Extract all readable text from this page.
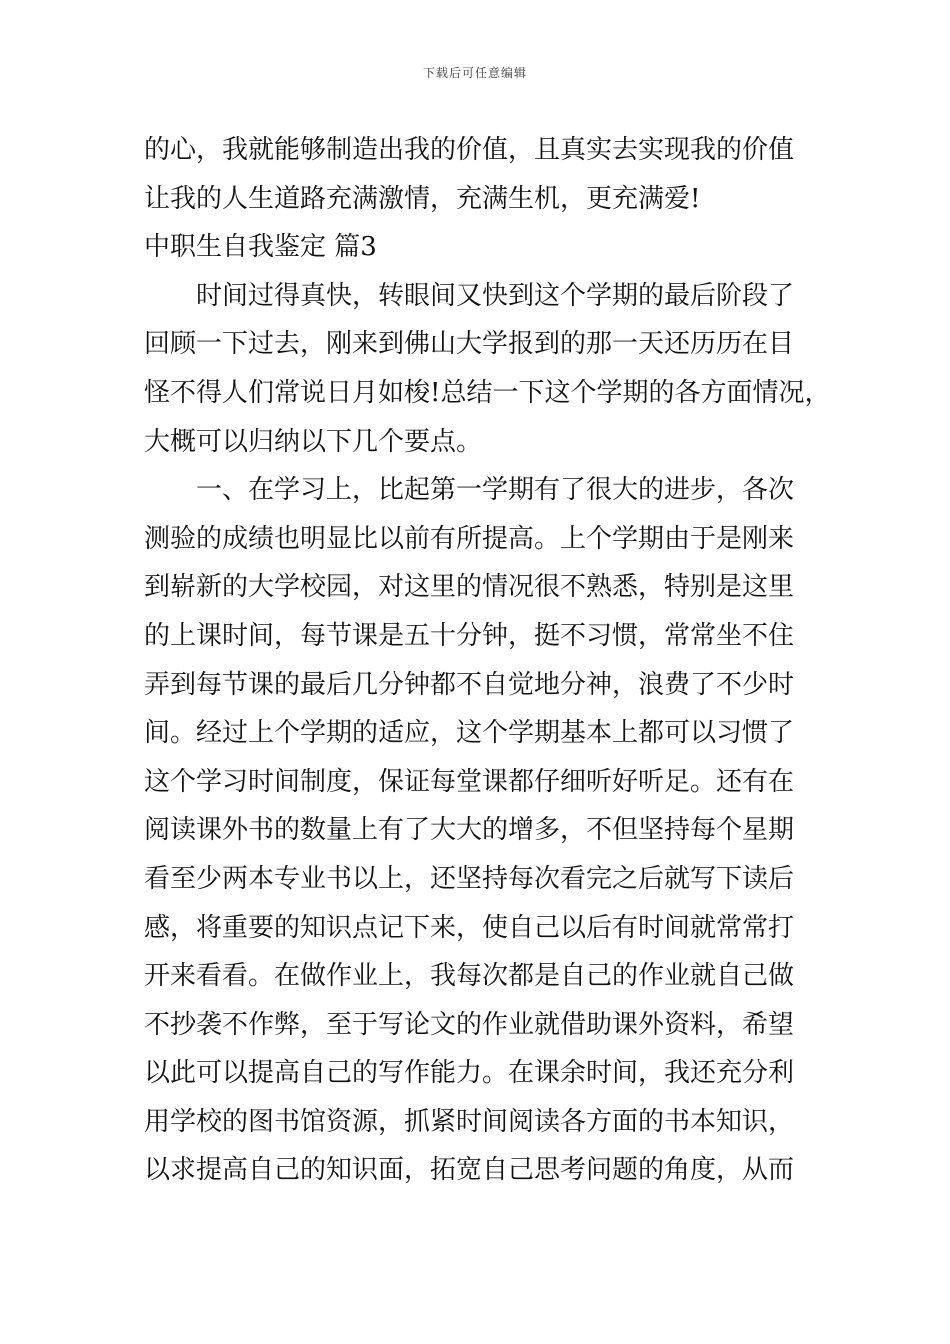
下载后可任意编辑
的心，我就能够制造出我的价值，且真实去实现我的价值
让我的人生道路充满激情，充满生机，更充满爱!
中职生自我鉴定 篇3
时间过得真快，转眼间又快到这个学期的最后阶段了
回顾一下过去，刚来到佛山大学报到的那一天还历历在目
怪不得人们常说日月如梭!总结一下这个学期的各方面情况，
大概可以归纳以下几个要点。
一、在学习上，比起第一学期有了很大的进步，各次
测验的成绩也明显比以前有所提高。上个学期由于是刚来
到崭新的大学校园，对这里的情况很不熟悉，特别是这里
的上课时间，每节课是五十分钟，挺不习惯，常常坐不住
弄到每节课的最后几分钟都不自觉地分神，浪费了不少时
间。经过上个学期的适应，这个学期基本上都可以习惯了
这个学习时间制度，保证每堂课都仔细听好听足。还有在
阅读课外书的数量上有了大大的增多，不但坚持每个星期
看至少两本专业书以上，还坚持每次看完之后就写下读后
感，将重要的知识点记下来，使自己以后有时间就常常打
开来看看。在做作业上，我每次都是自己的作业就自己做
不抄袭不作弊，至于写论文的作业就借助课外资料，希望
以此可以提高自己的写作能力。在课余时间，我还充分利
用学校的图书馆资源，抓紧时间阅读各方面的书本知识，
以求提高自己的知识面，拓宽自己思考问题的角度，从而
